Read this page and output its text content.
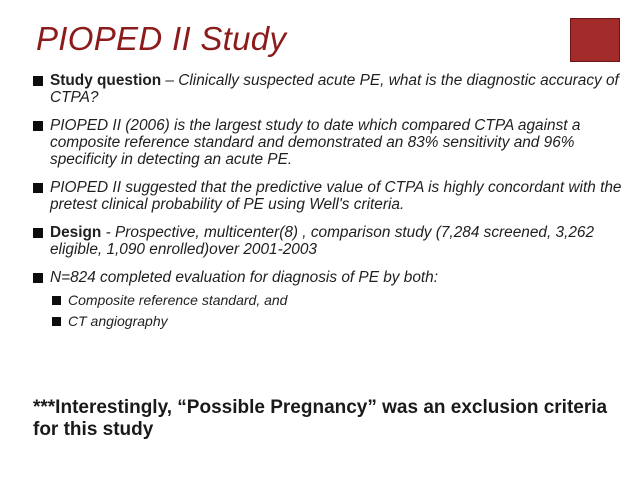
PIOPED II Study
Study question – Clinically suspected acute PE, what is the diagnostic accuracy of CTPA?
PIOPED II (2006) is the largest study to date which compared CTPA against a composite reference standard and demonstrated an 83% sensitivity and 96% specificity in detecting an acute PE.
PIOPED II suggested that the predictive value of CTPA is highly concordant with the pretest clinical probability of PE using Well's criteria.
Design - Prospective, multicenter(8) , comparison study (7,284 screened, 3,262 eligible, 1,090 enrolled)over 2001-2003
N=824 completed evaluation for diagnosis of PE by both:
Composite reference standard, and
CT angiography
***Interestingly, “Possible Pregnancy” was an exclusion criteria for this study
